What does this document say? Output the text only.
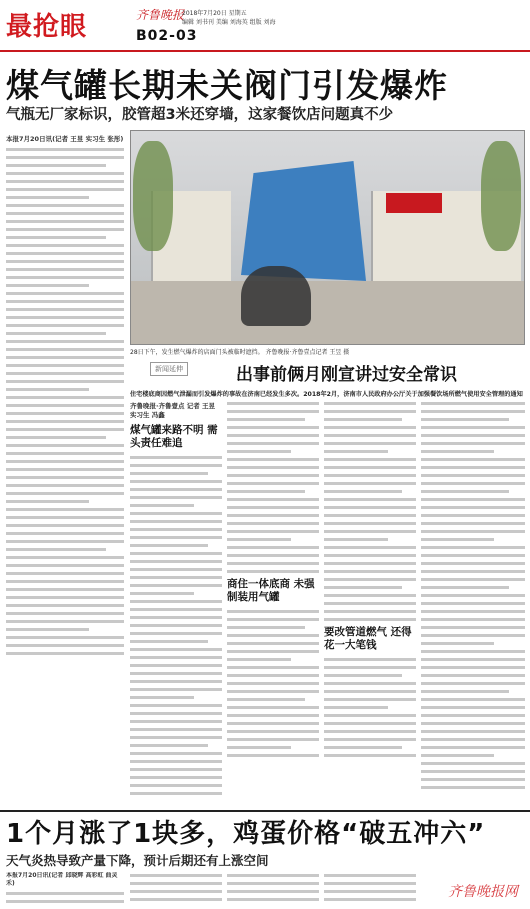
最抢眼	齐鲁晚报
2018年7月20日 星期五
编辑 刘书刊 美编 刘海英 组版 刘海
B02-03
煤气罐长期未关阀门引发爆炸
气瓶无厂家标识，胶管超3米还穿墙，这家餐饮店问题真不少
本报7月20日讯(记者 王昱 实习生 张彤)
28日下午，发生燃气爆炸的店面门头被临时遮挡。 齐鲁晚报·齐鲁壹点记者 王昱 摄
新闻延伸	出事前俩月刚宣讲过安全常识
住宅楼底商因燃气泄漏而引发爆炸的事故在济南已经发生多次。2018年2月，济南市人民政府办公厅关于加强餐饮场所燃气使用安全管理的通知
齐鲁晚报·齐鲁壹点 记者 王昱 实习生 冯鑫
煤气罐来路不明 需头责任难追
商住一体底商 未强制装用气罐
要改管道燃气 还得花一大笔钱
1个月涨了1块多，鸡蛋价格“破五冲六”
天气炎热导致产量下降，预计后期还有上涨空间
本报7月20日讯(记者 邱晓辉 高彩虹 曲灵禾)
齐鲁晚报网
